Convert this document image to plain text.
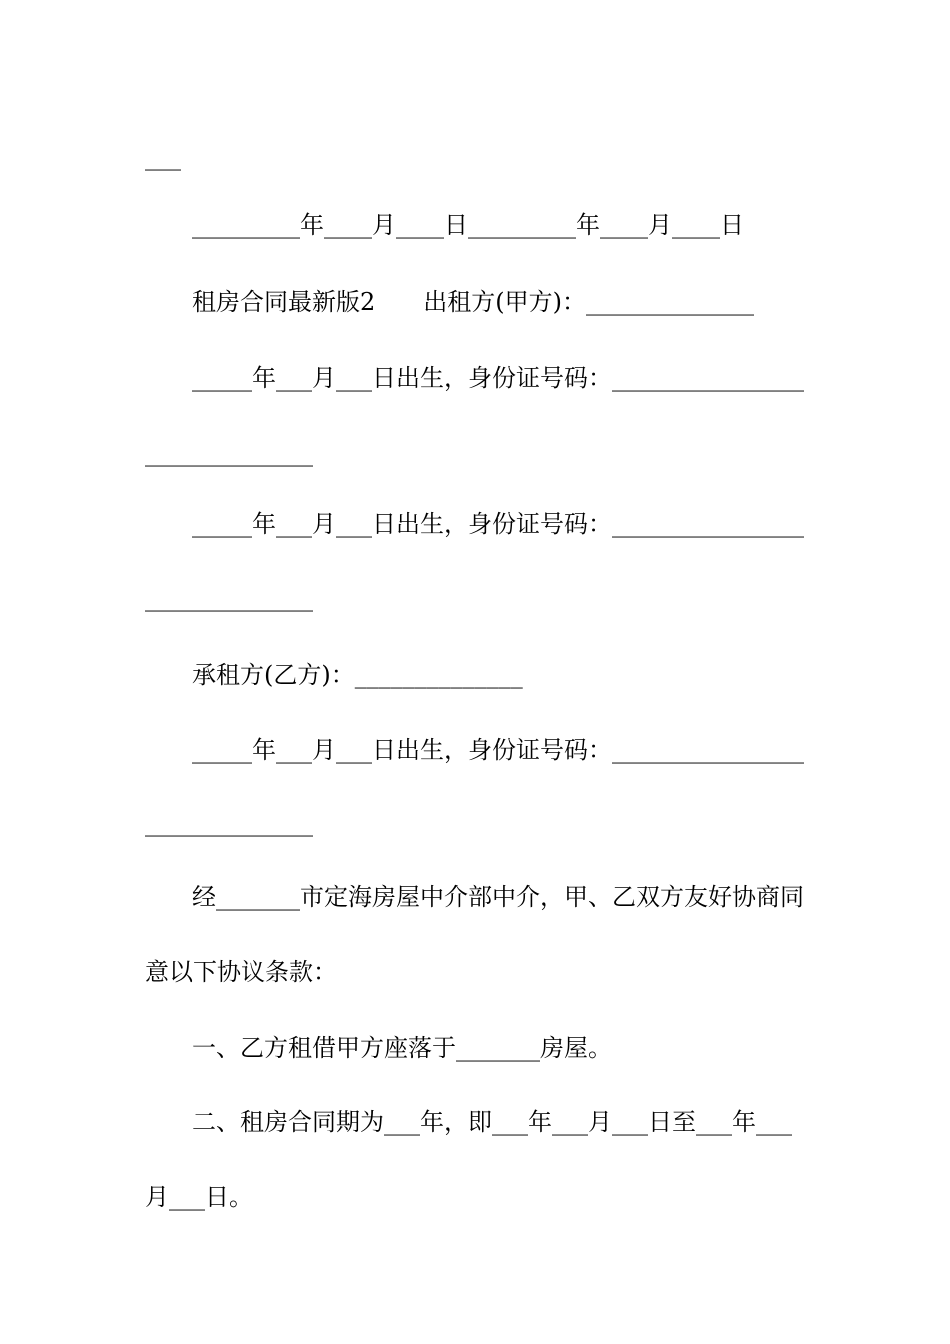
___

_________年____月____日_________年____月____日

租房合同最新版2　　出租方(甲方)：______________

_____年___月___日出生，身份证号码：________________

______________

_____年___月___日出生，身份证号码：________________

______________

承租方(乙方)：______________

_____年___月___日出生，身份证号码：________________

______________

经_______市定海房屋中介部中介，甲、乙双方友好协商同

意以下协议条款：

一、乙方租借甲方座落于_______房屋。

二、租房合同期为___年，即___年___月___日至___年___

月___日。
